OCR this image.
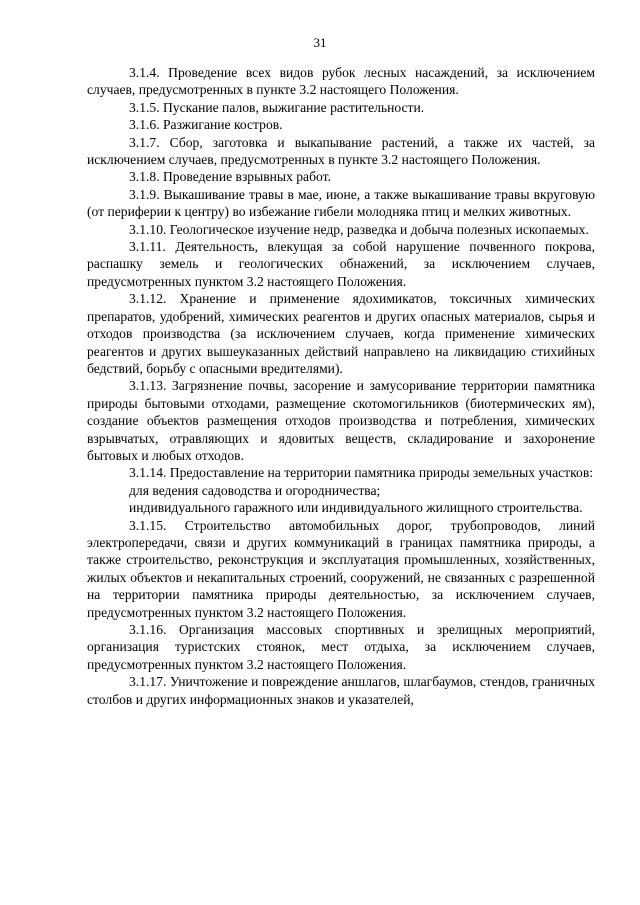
31

3.1.4. Проведение всех видов рубок лесных насаждений, за исключением случаев, предусмотренных в пункте 3.2 настоящего Положения.

3.1.5. Пускание палов, выжигание растительности.

3.1.6. Разжигание костров.

3.1.7. Сбор, заготовка и выкапывание растений, а также их частей, за исключением случаев, предусмотренных в пункте 3.2 настоящего Положения.

3.1.8. Проведение взрывных работ.

3.1.9. Выкашивание травы в мае, июне, а также выкашивание травы вкруговую (от периферии к центру) во избежание гибели молодняка птиц и мелких животных.

3.1.10. Геологическое изучение недр, разведка и добыча полезных ископаемых.

3.1.11. Деятельность, влекущая за собой нарушение почвенного покрова, распашку земель и геологических обнажений, за исключением случаев, предусмотренных пунктом 3.2 настоящего Положения.

3.1.12. Хранение и применение ядохимикатов, токсичных химических препаратов, удобрений, химических реагентов и других опасных материалов, сырья и отходов производства (за исключением случаев, когда применение химических реагентов и других вышеуказанных действий направлено на ликвидацию стихийных бедствий, борьбу с опасными вредителями).

3.1.13. Загрязнение почвы, засорение и замусоривание территории памятника природы бытовыми отходами, размещение скотомогильников (биотермических ям), создание объектов размещения отходов производства и потребления, химических взрывчатых, отравляющих и ядовитых веществ, складирование и захоронение бытовых и любых отходов.

3.1.14. Предоставление на территории памятника природы земельных участков:

для ведения садоводства и огородничества;

индивидуального гаражного или индивидуального жилищного строительства.

3.1.15. Строительство автомобильных дорог, трубопроводов, линий электропередачи, связи и других коммуникаций в границах памятника природы, а также строительство, реконструкция и эксплуатация промышленных, хозяйственных, жилых объектов и некапитальных строений, сооружений, не связанных с разрешенной на территории памятника природы деятельностью, за исключением случаев, предусмотренных пунктом 3.2 настоящего Положения.

3.1.16. Организация массовых спортивных и зрелищных мероприятий, организация туристских стоянок, мест отдыха, за исключением случаев, предусмотренных пунктом 3.2 настоящего Положения.

3.1.17. Уничтожение и повреждение аншлагов, шлагбаумов, стендов, граничных столбов и других информационных знаков и указателей,
